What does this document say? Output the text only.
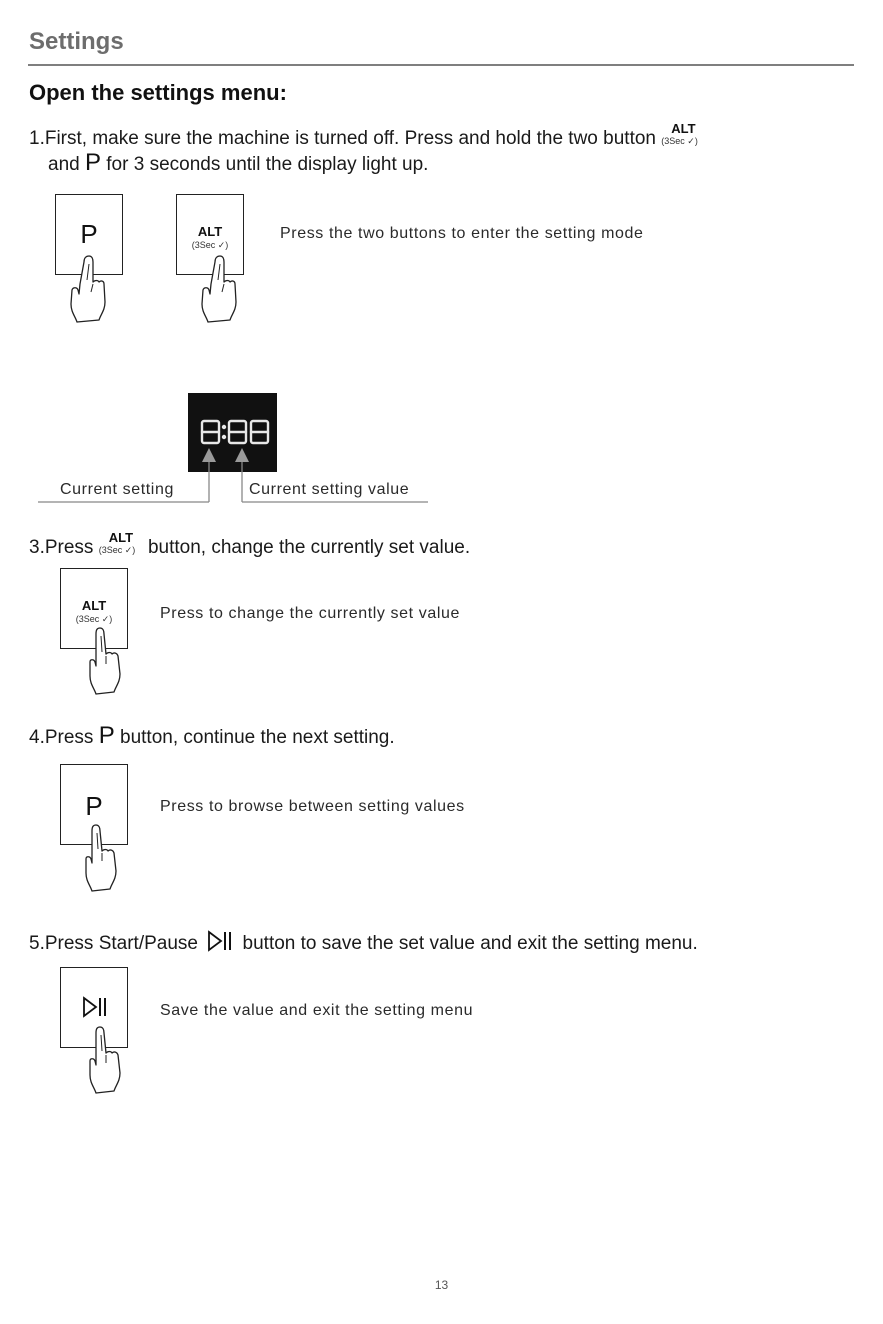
Settings
Open the settings menu:
1.First, make sure the machine is turned off. Press and hold the two button ALT
(3Sec ✓)
and P for 3 seconds until the display light up.
P	ALT
(3Sec ✓)
Press the two buttons to enter the setting mode
Current setting	Current setting value
3.Press ALT
(3Sec ✓) button, change the currently set value.
ALT
(3Sec ✓)	Press to change the currently set value
4.Press P button, continue the next setting.
P	Press to browse between setting values
5.Press Start/Pause button to save the set value and exit the setting menu.
Save the value and exit the setting menu
13
